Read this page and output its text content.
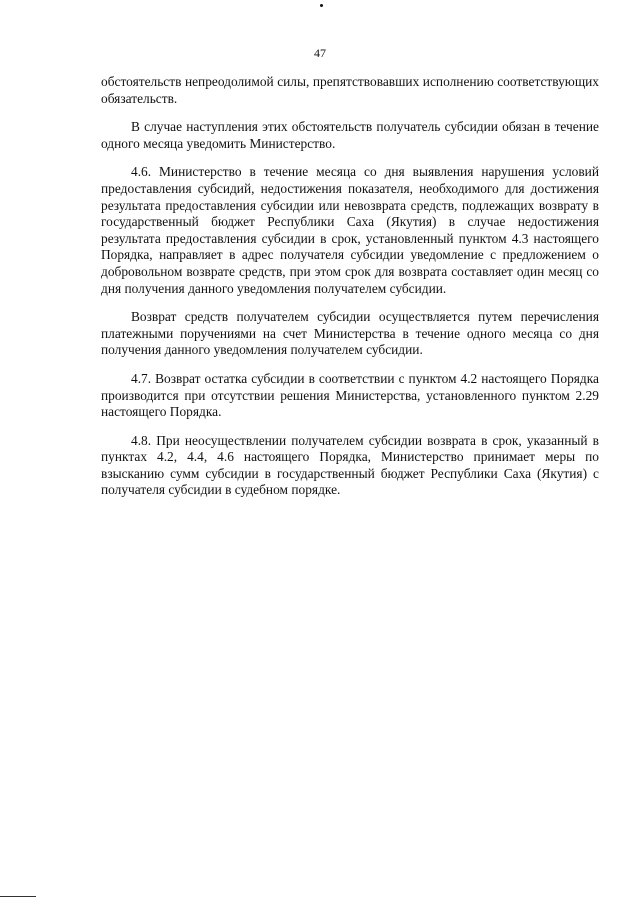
47

обстоятельств непреодолимой силы, препятствовавших исполнению соответствующих обязательств.

В случае наступления этих обстоятельств получатель субсидии обязан в течение одного месяца уведомить Министерство.

4.6. Министерство в течение месяца со дня выявления нарушения условий предоставления субсидий, недостижения показателя, необходимого для достижения результата предоставления субсидии или невозврата средств, подлежащих возврату в государственный бюджет Республики Саха (Якутия) в случае недостижения результата предоставления субсидии в срок, установленный пунктом 4.3 настоящего Порядка, направляет в адрес получателя субсидии уведомление с предложением о добровольном возврате средств, при этом срок для возврата составляет один месяц со дня получения данного уведомления получателем субсидии.

Возврат средств получателем субсидии осуществляется путем перечисления платежными поручениями на счет Министерства в течение одного месяца со дня получения данного уведомления получателем субсидии.

4.7. Возврат остатка субсидии в соответствии с пунктом 4.2 настоящего Порядка производится при отсутствии решения Министерства, установленного пунктом 2.29 настоящего Порядка.

4.8. При неосуществлении получателем субсидии возврата в срок, указанный в пунктах 4.2, 4.4, 4.6 настоящего Порядка, Министерство принимает меры по взысканию сумм субсидии в государственный бюджет Республики Саха (Якутия) с получателя субсидии в судебном порядке.
